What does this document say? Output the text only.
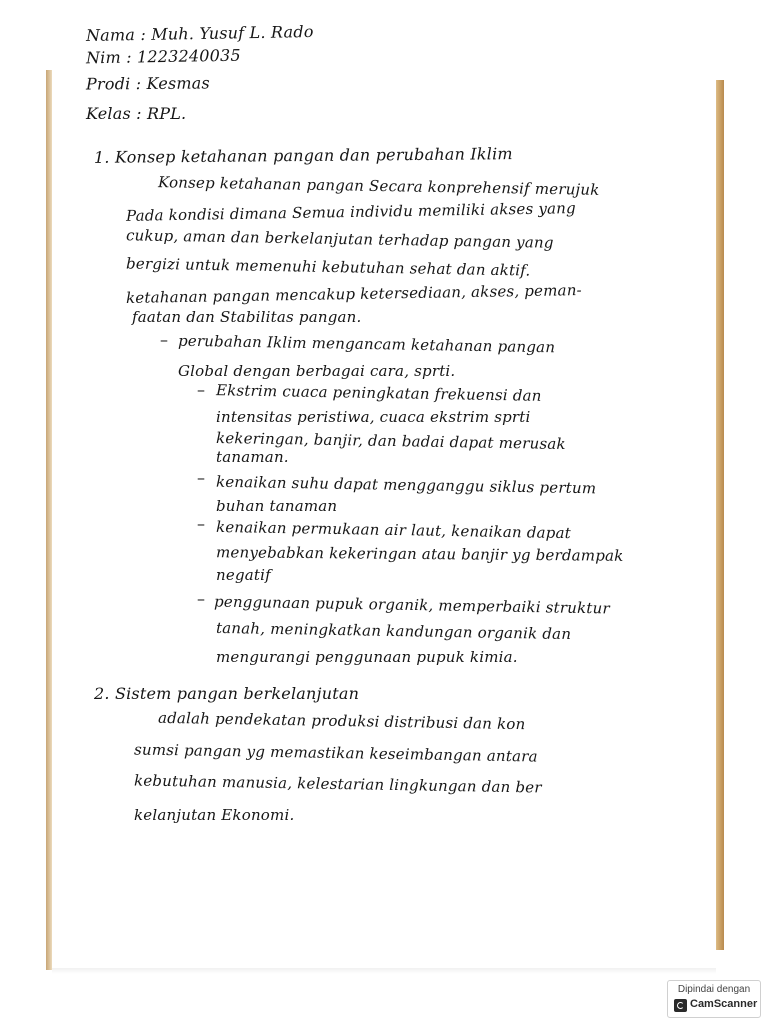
Nama : Muh. Yusuf L. Rado

Nim : 1223240035

Prodi : Kesmas

Kelas : RPL.

1. Konsep ketahanan pangan dan perubahan Iklim

Konsep ketahanan pangan Secara konprehensif merujuk

Pada kondisi dimana Semua individu memiliki akses yang

cukup, aman dan berkelanjutan terhadap pangan yang

bergizi untuk memenuhi kebutuhan sehat dan aktif.

ketahanan pangan mencakup ketersediaan, akses, peman-

faatan dan Stabilitas pangan.

– perubahan Iklim mengancam ketahanan pangan

Global dengan berbagai cara, sprti.

– Ekstrim cuaca peningkatan frekuensi dan

intensitas peristiwa, cuaca ekstrim sprti

kekeringan, banjir, dan badai dapat merusak

tanaman.

– kenaikan suhu dapat mengganggu siklus pertum

buhan tanaman

– kenaikan permukaan air laut, kenaikan dapat

menyebabkan kekeringan atau banjir yg berdampak

negatif

– penggunaan pupuk organik, memperbaiki struktur

tanah, meningkatkan kandungan organik dan

mengurangi penggunaan pupuk kimia.

2. Sistem pangan berkelanjutan

adalah pendekatan produksi distribusi dan kon

sumsi pangan yg memastikan keseimbangan antara

kebutuhan manusia, kelestarian lingkungan dan ber

kelanjutan Ekonomi.

Dipindai dengan
CamScanner
